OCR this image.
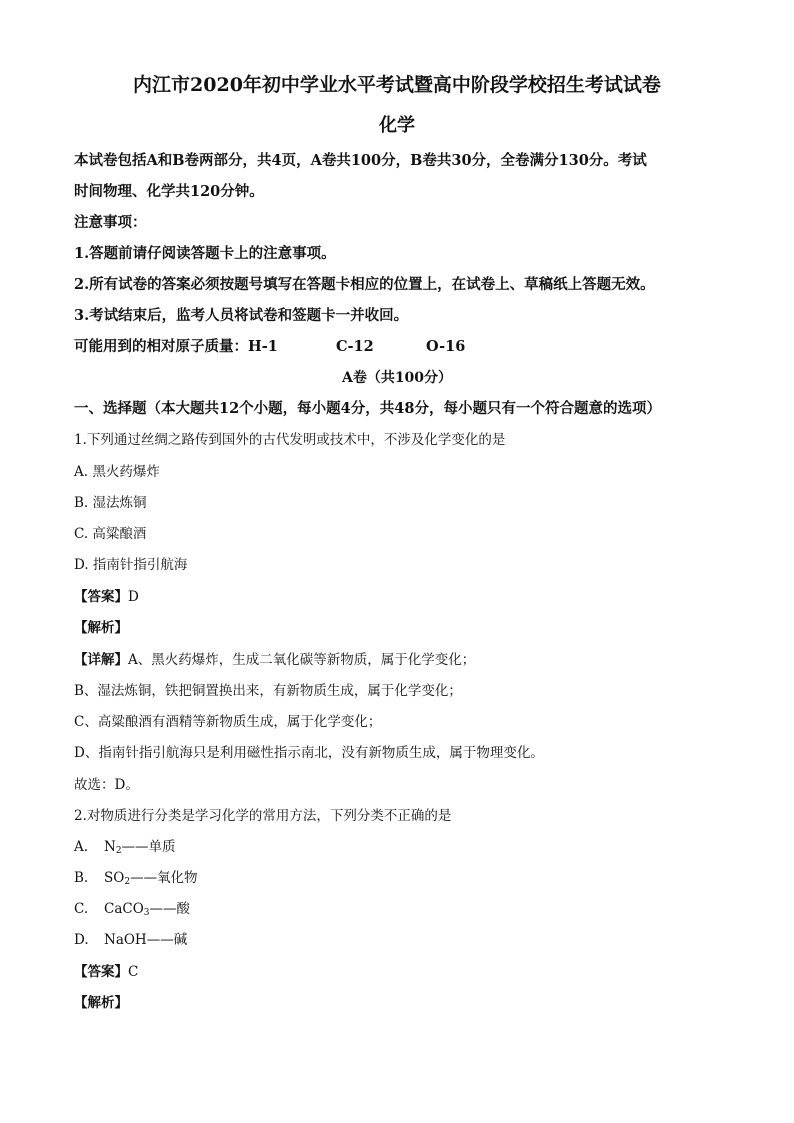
内江市2020年初中学业水平考试暨高中阶段学校招生考试试卷
化学
本试卷包括A和B卷两部分，共4页，A卷共100分，B卷共30分，全卷满分130分。考试
时间物理、化学共120分钟。
注意事项：
1.答题前请仔阅读答题卡上的注意事项。
2.所有试卷的答案必须按题号填写在答题卡相应的位置上，在试卷上、草稿纸上答题无效。
3.考试结束后，监考人员将试卷和签题卡一并收回。
可能用到的相对原子质量：H-1	C-12	O-16
A卷（共100分）
一、选择题（本大题共12个小题，每小题4分，共48分，每小题只有一个符合题意的选项）
1.下列通过丝绸之路传到国外的古代发明或技术中，不涉及化学变化的是
A. 黑火药爆炸
B. 湿法炼铜
C. 高粱酿酒
D. 指南针指引航海
【答案】D
【解析】
【详解】A、黑火药爆炸，生成二氧化碳等新物质，属于化学变化；
B、湿法炼铜，铁把铜置换出来，有新物质生成，属于化学变化；
C、高粱酿酒有酒精等新物质生成，属于化学变化；
D、指南针指引航海只是利用磁性指示南北，没有新物质生成，属于物理变化。
故选：D。
2.对物质进行分类是学习化学的常用方法，下列分类不正确的是
A. $N_2——$单质
B. $SO_2——$氧化物
C. CaCO$_3$——酸
D. NaOH——碱
【答案】C
【解析】
